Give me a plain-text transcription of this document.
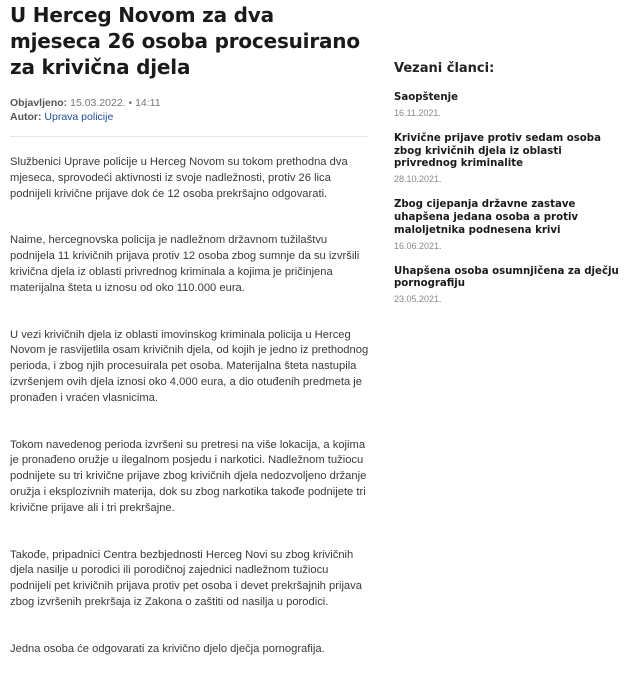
U Herceg Novom za dva mjeseca 26 osoba procesuirano za krivična djela
Objavljeno: 15.03.2022. • 14:11
Autor: Uprava policije

Službenici Uprave policije u Herceg Novom su tokom prethodna dva mjeseca, sprovodeći aktivnosti iz svoje nadležnosti, protiv 26 lica podnijeli krivične prijave dok će 12 osoba prekršajno odgovarati.

Naime, hercegnovska policija je nadležnom državnom tužilaštvu podnijela 11 krivičnih prijava protiv 12 osoba zbog sumnje da su izvršili krivična djela iz oblasti privrednog kriminala a kojima je pričinjena materijalna šteta u iznosu od oko 110.000 eura.

U vezi krivičnih djela iz oblasti imovinskog kriminala policija u Herceg Novom je rasvijetlila osam krivičnih djela, od kojih je jedno iz prethodnog perioda, i zbog njih procesuirala pet osoba. Materijalna šteta nastupila izvršenjem ovih djela iznosi oko 4.000 eura, a dio otuđenih predmeta je pronađen i vraćen vlasnicima.

Tokom navedenog perioda izvršeni su pretresi na više lokacija, a kojima je pronađeno oružje u ilegalnom posjedu i narkotici. Nadležnom tužiocu podnijete su tri krivične prijave zbog krivičnih djela nedozvoljeno držanje oružja i eksplozivnih materija, dok su zbog narkotika takođe podnijete tri krivične prijave ali i tri prekršajne.

Takođe, pripadnici Centra bezbjednosti Herceg Novi su zbog krivičnih djela nasilje u porodici ili porodičnoj zajednici nadležnom tužiocu podnijeli pet krivičnih prijava protiv pet osoba i devet prekršajnih prijava zbog izvršenih prekršaja iz Zakona o zaštiti od nasilja u porodici.

Jedna osoba će odgovarati za krivično djelo dječja pornografija.

Vezani članci:
Saopštenje
16.11.2021.
Krivične prijave protiv sedam osoba zbog krivičnih djela iz oblasti privrednog kriminalite
28.10.2021.
Zbog cijepanja državne zastave uhapšena jedana osoba a protiv maloljetnika podnesena krivi
16.06.2021.
Uhapšena osoba osumnjičena za dječju pornografiju
23.05.2021.
